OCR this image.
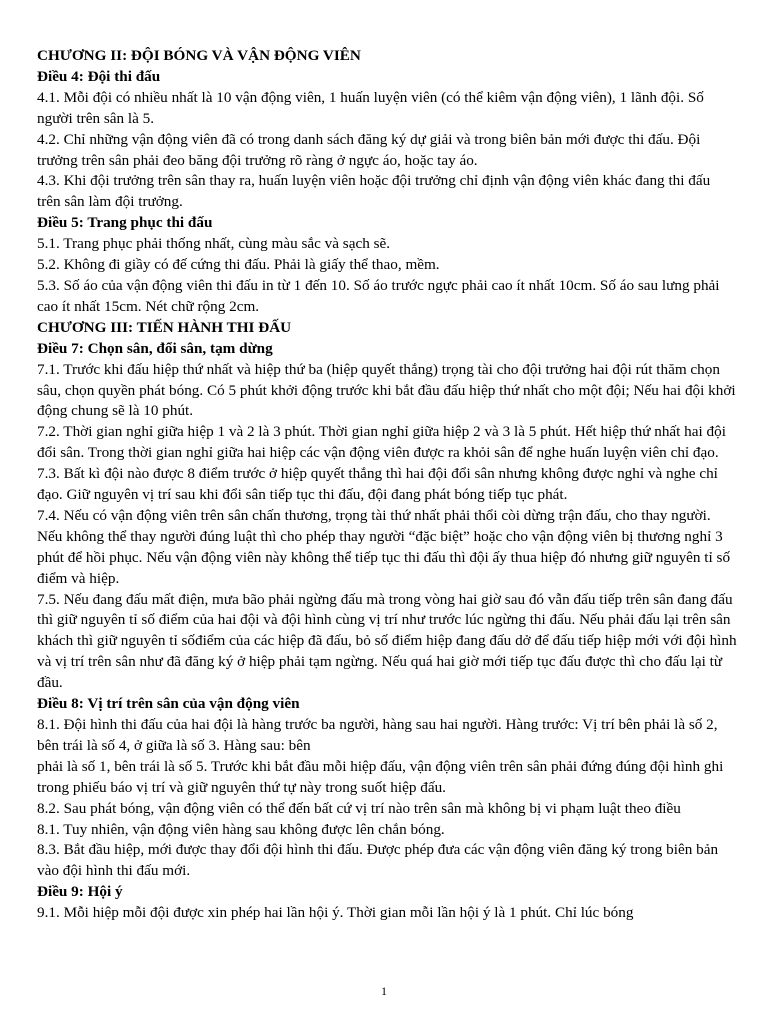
CHƯƠNG II: ĐỘI BÓNG VÀ VẬN ĐỘNG VIÊN

Điều 4: Đội thi đấu

4.1. Mỗi đội có nhiều nhất là 10 vận động viên, 1 huấn luyện viên (có thể kiêm vận động viên), 1 lãnh đội. Số người trên sân là 5.

4.2. Chỉ những vận động viên đã có trong danh sách đăng ký dự giải và trong biên bản mới được thi đấu. Đội trưởng trên sân phải đeo băng đội trưởng rõ ràng ở ngực áo, hoặc tay áo.

4.3. Khi đội trưởng trên sân thay ra, huấn luyện viên hoặc đội trưởng chỉ định vận động viên khác đang thi đấu trên sân làm đội trưởng.

Điều 5: Trang phục thi đấu

5.1. Trang phục phải thống nhất, cùng màu sắc và sạch sẽ.

5.2. Không đi giầy có đế cứng thi đấu. Phải là giấy thể thao, mềm.

5.3. Số áo của vận động viên thi đấu in từ 1 đến 10. Số áo trước ngực phải cao ít nhất 10cm. Số áo sau lưng phải cao ít nhất 15cm. Nét chữ rộng 2cm.

CHƯƠNG III: TIẾN HÀNH THI ĐẤU

Điều 7: Chọn sân, đổi sân, tạm dừng

7.1. Trước khi đấu hiệp thứ nhất và hiệp thứ ba (hiệp quyết thắng) trọng tài cho đội trưởng hai đội rút thăm chọn sâu, chọn quyền phát bóng. Có 5 phút khởi động trước khi bắt đầu đấu hiệp thứ nhất cho một đội; Nếu hai đội khởi động chung sẽ là 10 phút.

7.2. Thời gian nghỉ giữa hiệp 1 và 2 là 3 phút. Thời gian nghỉ giữa hiệp 2 và 3 là 5 phút. Hết hiệp thứ nhất hai đội đổi sân. Trong thời gian nghỉ giữa hai hiệp các vận động viên được ra khỏi sân để nghe huấn luyện viên chỉ đạo.

7.3. Bất kì đội nào được 8 điểm trước ở hiệp quyết thắng thì hai đội đổi sân nhưng không được nghỉ và nghe chỉ đạo. Giữ nguyên vị trí sau khi đổi sân tiếp tục thi đấu, đội đang phát bóng tiếp tục phát.

7.4. Nếu có vận động viên trên sân chấn thương, trọng tài thứ nhất phải thổi còi dừng trận đấu, cho thay người. Nếu không thể thay người đúng luật thì cho phép thay người “đặc biệt” hoặc cho vận động viên bị thương nghỉ 3 phút để hồi phục. Nếu vận động viên này không thể tiếp tục thi đấu thì đội ấy thua hiệp đó nhưng giữ nguyên tỉ số điểm và hiệp.

7.5. Nếu đang đấu mất điện, mưa bão phải ngừng đấu mà trong vòng hai giờ sau đó vẫn đấu tiếp trên sân đang đấu thì giữ nguyên tỉ số điểm của hai đội và đội hình cùng vị trí như trước lúc ngừng thi đấu. Nếu phải đấu lại trên sân khách thì giữ nguyên tỉ sốđiểm của các hiệp đã đấu, bỏ số điểm hiệp đang đấu dở để đấu tiếp hiệp mới với đội hình và vị trí trên sân như đã đăng ký ở hiệp phải tạm ngừng. Nếu quá hai giờ mới tiếp tục đấu được thì cho đấu lại từ đầu.

Điều 8: Vị trí trên sân của vận động viên

8.1. Đội hình thi đấu của hai đội là hàng trước ba người, hàng sau hai người. Hàng trước: Vị trí bên phải là số 2, bên trái là số 4, ở giữa là số 3. Hàng sau: bên

phải là số 1, bên trái là số 5. Trước khi bắt đầu mỗi hiệp đấu, vận động viên trên sân phải đứng đúng đội hình ghi trong phiếu báo vị trí và giữ nguyên thứ tự này trong suốt hiệp đấu.

8.2. Sau phát bóng, vận động viên có thể đến bất cứ vị trí nào trên sân mà không bị vi phạm luật theo điều

8.1. Tuy nhiên, vận động viên hàng sau không được lên chắn bóng.

8.3. Bắt đầu hiệp, mới được thay đổi đội hình thi đấu. Được phép đưa các vận động viên đăng ký trong biên bản vào đội hình thi đấu mới.

Điều 9: Hội ý

9.1. Mỗi hiệp mỗi đội được xin phép hai lần hội ý. Thời gian mỗi lần hội ý là 1 phút. Chỉ lúc bóng

1
